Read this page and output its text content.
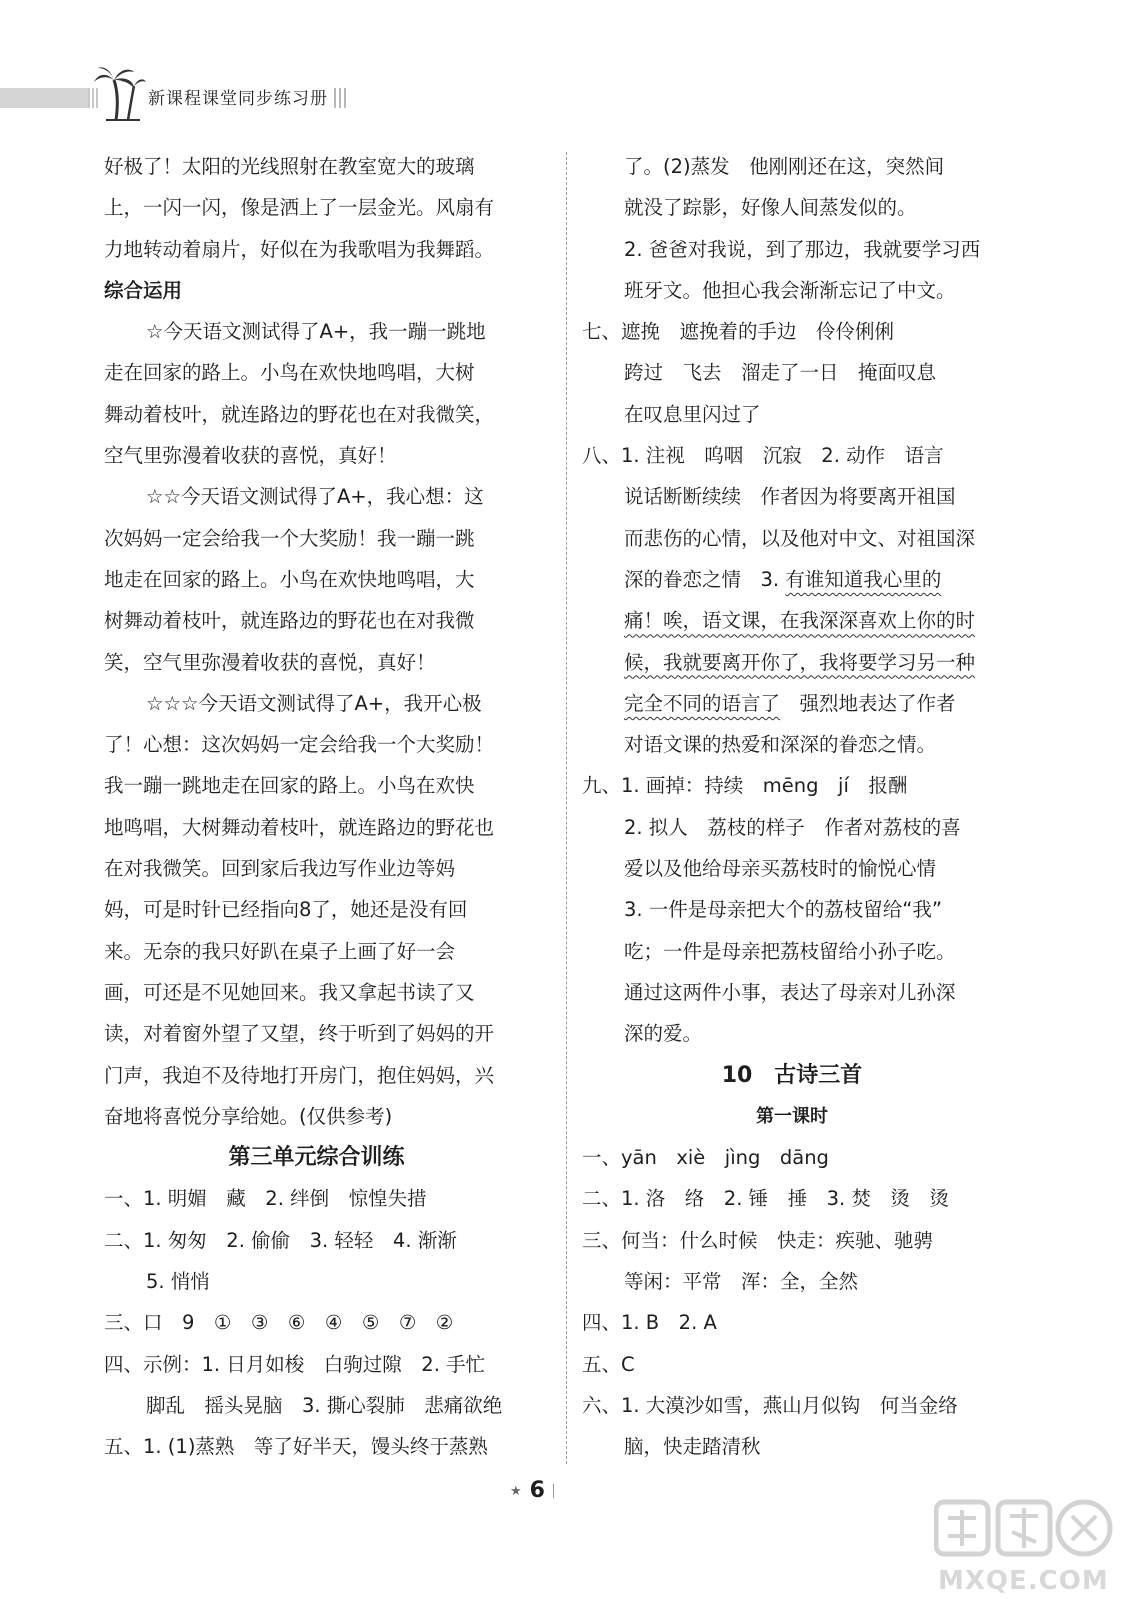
新课程课堂同步练习册
好极了！太阳的光线照射在教室宽大的玻璃
上，一闪一闪，像是洒上了一层金光。风扇有
力地转动着扇片，好似在为我歌唱为我舞蹈。
综合运用
☆今天语文测试得了A+，我一蹦一跳地
走在回家的路上。小鸟在欢快地鸣唱，大树
舞动着枝叶，就连路边的野花也在对我微笑，
空气里弥漫着收获的喜悦，真好！
☆☆今天语文测试得了A+，我心想：这
次妈妈一定会给我一个大奖励！我一蹦一跳
地走在回家的路上。小鸟在欢快地鸣唱，大
树舞动着枝叶，就连路边的野花也在对我微
笑，空气里弥漫着收获的喜悦，真好！
☆☆☆今天语文测试得了A+，我开心极
了！心想：这次妈妈一定会给我一个大奖励！
我一蹦一跳地走在回家的路上。小鸟在欢快
地鸣唱，大树舞动着枝叶，就连路边的野花也
在对我微笑。回到家后我边写作业边等妈
妈，可是时针已经指向8了，她还是没有回
来。无奈的我只好趴在桌子上画了好一会
画，可还是不见她回来。我又拿起书读了又
读，对着窗外望了又望，终于听到了妈妈的开
门声，我迫不及待地打开房门，抱住妈妈，兴
奋地将喜悦分享给她。(仅供参考)
第三单元综合训练
一、1. 明媚　藏　2. 绊倒　惊惶失措
二、1. 匆匆　2. 偷偷　3. 轻轻　4. 渐渐
5. 悄悄
三、口　9　①　③　⑥　④　⑤　⑦　②
四、示例：1. 日月如梭　白驹过隙　2. 手忙
脚乱　摇头晃脑　3. 撕心裂肺　悲痛欲绝
五、1. (1)蒸熟　等了好半天，馒头终于蒸熟
了。(2)蒸发　他刚刚还在这，突然间
就没了踪影，好像人间蒸发似的。
2. 爸爸对我说，到了那边，我就要学习西
班牙文。他担心我会渐渐忘记了中文。
七、遮挽　遮挽着的手边　伶伶俐俐
跨过　飞去　溜走了一日　掩面叹息
在叹息里闪过了
八、1. 注视　呜咽　沉寂　2. 动作　语言
说话断断续续　作者因为将要离开祖国
而悲伤的心情，以及他对中文、对祖国深
深的眷恋之情　3. 有谁知道我心里的
痛！唉，语文课，在我深深喜欢上你的时
候，我就要离开你了，我将要学习另一种
完全不同的语言了　强烈地表达了作者
对语文课的热爱和深深的眷恋之情。
九、1. 画掉：持续　mēng　jí　报酬
2. 拟人　荔枝的样子　作者对荔枝的喜
爱以及他给母亲买荔枝时的愉悦心情
3. 一件是母亲把大个的荔枝留给“我”
吃；一件是母亲把荔枝留给小孙子吃。
通过这两件小事，表达了母亲对儿孙深
深的爱。
10　古诗三首
第一课时
一、yān　xiè　jìng　dāng
二、1. 洛　络　2. 锤　捶　3. 焚　烫　烫
三、何当：什么时候　快走：疾驰、驰骋
等闲：平常　浑：全，全然
四、1. B　2. A
五、C
六、1. 大漠沙如雪，燕山月似钩　何当金络
脑，快走踏清秋
★ 6
MXQE.COM
